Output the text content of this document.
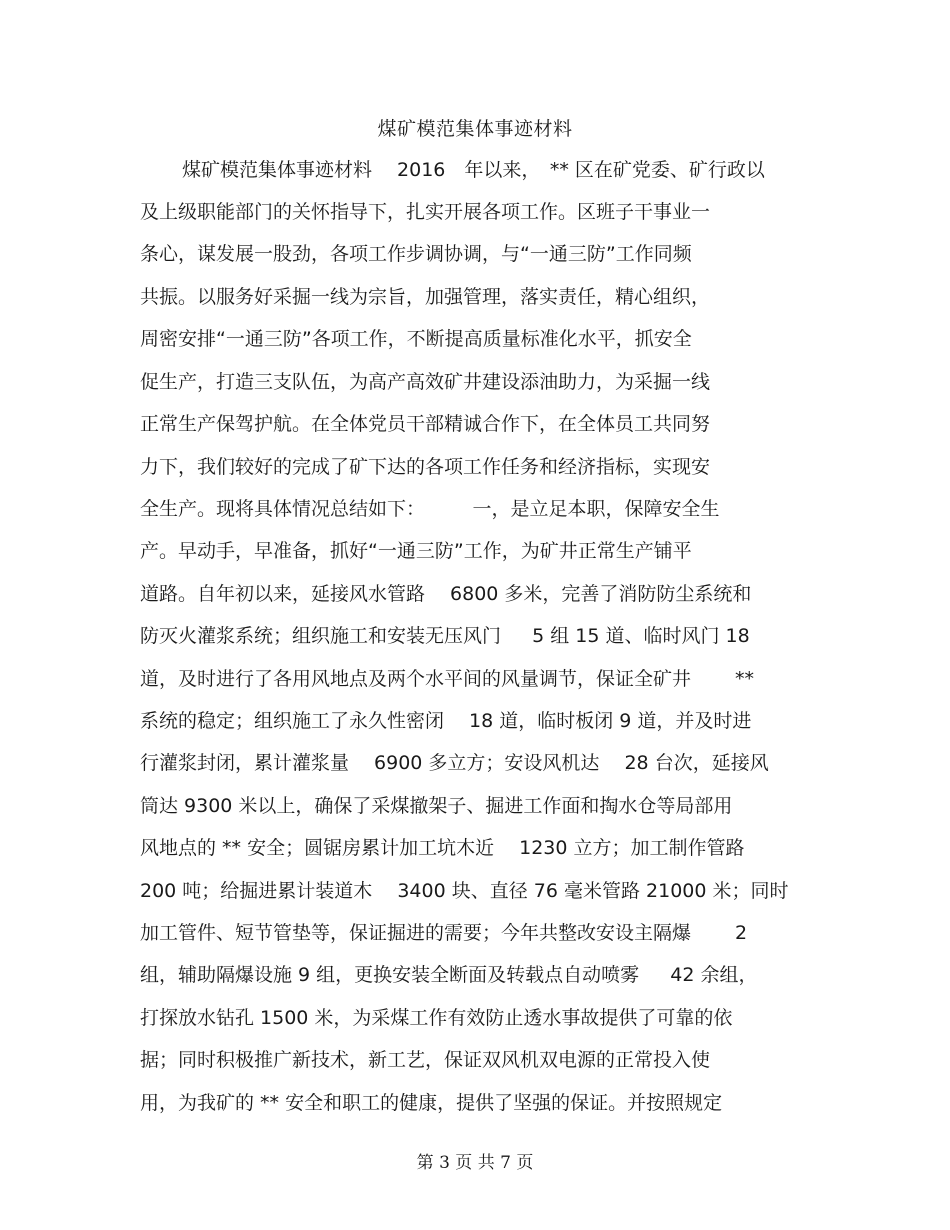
煤矿模范集体事迹材料
煤矿模范集体事迹材料 　2016　年以来，　** 区在矿党委、矿行政以
及上级职能部门的关怀指导下，扎实开展各项工作。区班子干事业一
条心，谋发展一股劲，各项工作步调协调，与“一通三防”工作同频
共振。以服务好采掘一线为宗旨，加强管理，落实责任，精心组织，
周密安排“一通三防”各项工作，不断提高质量标准化水平，抓安全
促生产，打造三支队伍，为高产高效矿井建设添油助力，为采掘一线
正常生产保驾护航。在全体党员干部精诚合作下，在全体员工共同努
力下，我们较好的完成了矿下达的各项工作任务和经济指标，实现安
全生产。现将具体情况总结如下：　　　一，是立足本职，保障安全生
产。早动手，早准备，抓好“一通三防”工作，为矿井正常生产铺平
道路。自年初以来，延接风水管路 　6800 多米，完善了消防防尘系统和
防灭火灌浆系统；组织施工和安装无压风门 　 5 组 15 道、临时风门 18
道，及时进行了各用风地点及两个水平间的风量调节，保证全矿井 　　**
系统的稳定；组织施工了永久性密闭 　18 道，临时板闭 9 道，并及时进
行灌浆封闭，累计灌浆量 　6900 多立方；安设风机达 　28 台次，延接风
筒达 9300 米以上，确保了采煤撤架子、掘进工作面和掏水仓等局部用
风地点的 ** 安全；圆锯房累计加工坑木近 　1230 立方；加工制作管路
200 吨；给掘进累计装道木 　3400 块、直径 76 毫米管路 21000 米；同时
加工管件、短节管垫等，保证掘进的需要；今年共整改安设主隔爆 　　2
组，辅助隔爆设施 9 组，更换安装全断面及转载点自动喷雾 　 42 余组，
打探放水钻孔 1500 米，为采煤工作有效防止透水事故提供了可靠的依
据；同时积极推广新技术，新工艺，保证双风机双电源的正常投入使
用，为我矿的 ** 安全和职工的健康，提供了坚强的保证。并按照规定
第 3 页 共 7 页
